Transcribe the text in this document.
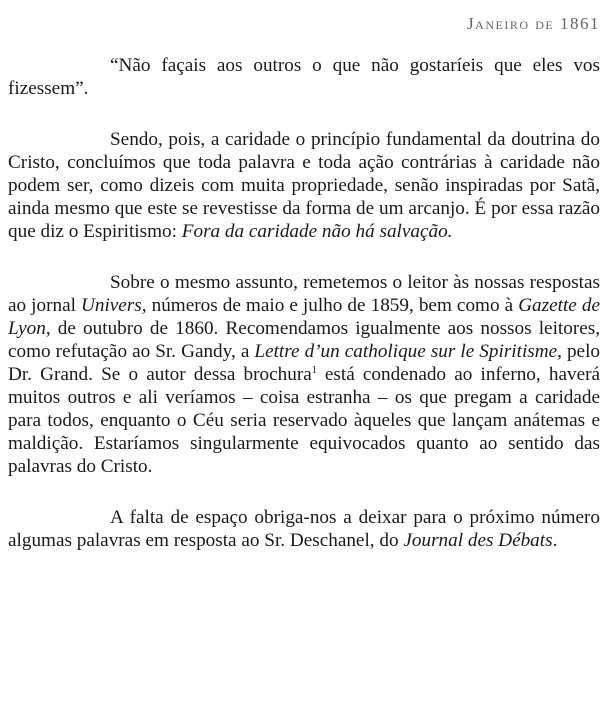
Janeiro de 1861

“Não façais aos outros o que não gostaríeis que eles vos fizessem”.

Sendo, pois, a caridade o princípio fundamental da doutrina do Cristo, concluímos que toda palavra e toda ação contrárias à caridade não podem ser, como dizeis com muita propriedade, senão inspiradas por Satã, ainda mesmo que este se revestisse da forma de um arcanjo. É por essa razão que diz o Espiritismo: Fora da caridade não há salvação.

Sobre o mesmo assunto, remetemos o leitor às nossas respostas ao jornal Univers, números de maio e julho de 1859, bem como à Gazette de Lyon, de outubro de 1860. Recomendamos igualmente aos nossos leitores, como refutação ao Sr. Gandy, a Lettre d’un catholique sur le Spiritisme, pelo Dr. Grand. Se o autor dessa brochura$^1$ está condenado ao inferno, haverá muitos outros e ali veríamos – coisa estranha – os que pregam a caridade para todos, enquanto o Céu seria reservado àqueles que lançam anátemas e maldição. Estaríamos singularmente equivocados quanto ao sentido das palavras do Cristo.

A falta de espaço obriga-nos a deixar para o próximo número algumas palavras em resposta ao Sr. Deschanel, do Journal des Débats.
